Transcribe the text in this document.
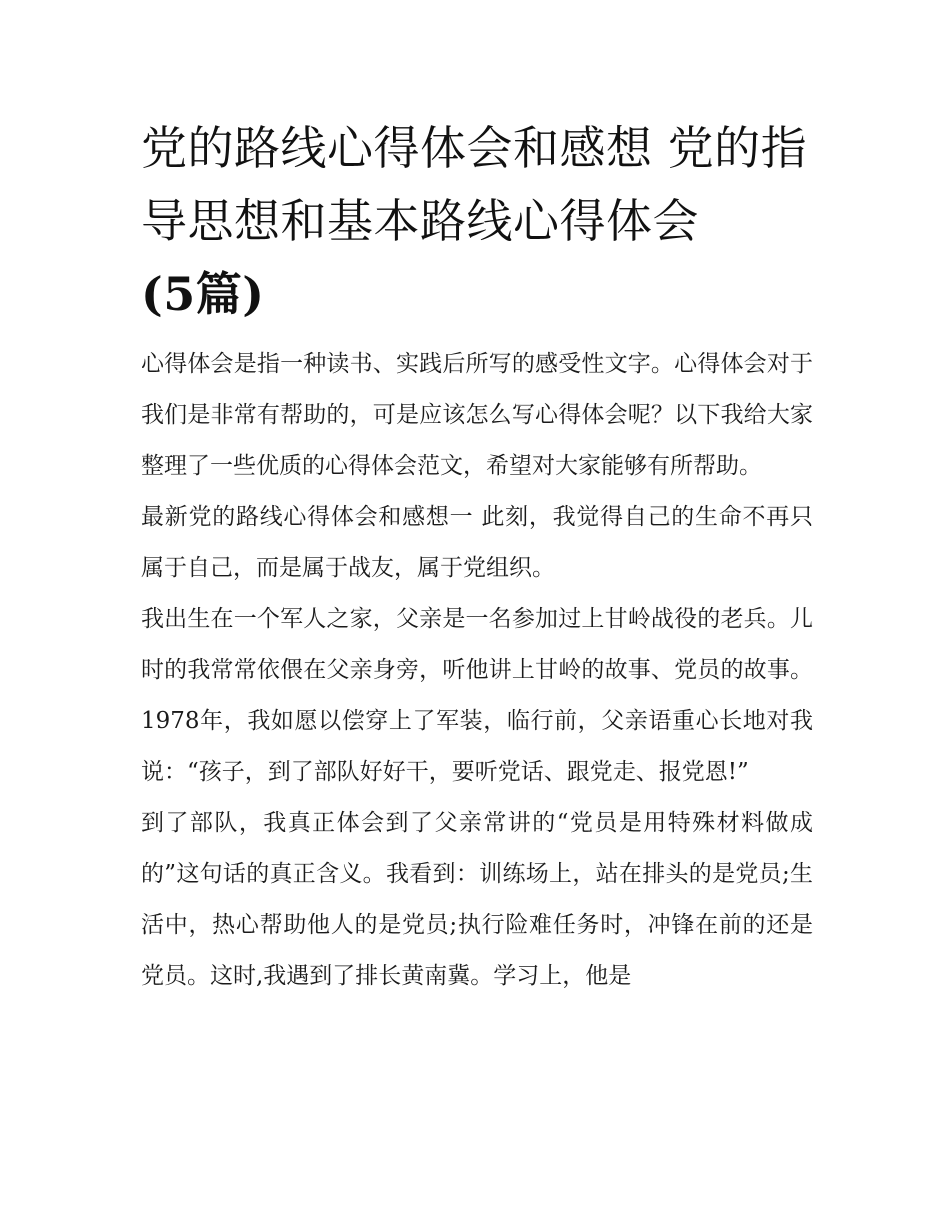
党的路线心得体会和感想 党的指导思想和基本路线心得体会
(5篇)

心得体会是指一种读书、实践后所写的感受性文字。心得体会对于我们是非常有帮助的，可是应该怎么写心得体会呢？以下我给大家整理了一些优质的心得体会范文，希望对大家能够有所帮助。

最新党的路线心得体会和感想一 此刻，我觉得自己的生命不再只属于自己，而是属于战友，属于党组织。

我出生在一个军人之家，父亲是一名参加过上甘岭战役的老兵。儿时的我常常依偎在父亲身旁，听他讲上甘岭的故事、党员的故事。1978年，我如愿以偿穿上了军装，临行前，父亲语重心长地对我说：“孩子，到了部队好好干，要听党话、跟党走、报党恩!”

到了部队，我真正体会到了父亲常讲的“党员是用特殊材料做成的”这句话的真正含义。我看到：训练场上，站在排头的是党员;生活中，热心帮助他人的是党员;执行险难任务时，冲锋在前的还是党员。这时,我遇到了排长黄南冀。学习上，他是
